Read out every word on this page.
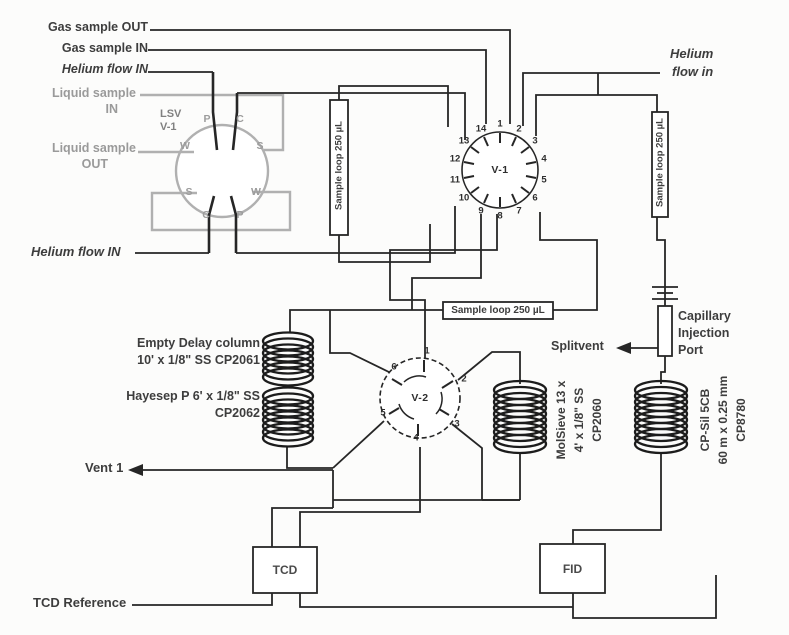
Gas sample OUT
Gas sample IN
Helium flow IN
Liquid sample
IN	LSV
V-1
Liquid sample
OUT
Helium flow IN
Helium
flow in
Sample loop 250 µL	Sample loop 250 µL
Sample loop 250 µL
V-1
1 2
3
4
5
6
7
8
9
10
11
12
13
14
P C
W	S
S	W
C	P
V-2
1
2
3
4
5
6
Empty Delay column
10' x 1/8" SS CP2061
Hayesep P 6' x 1/8" SS
CP2062	MolSieve 13 x 4' x 1/8" SS CP2060	CP-Sil 5CB 60 m x 0.25 mm CP8780
Capillary
Injection
Port
Splitvent
Vent 1
TCD	FID
TCD Reference
